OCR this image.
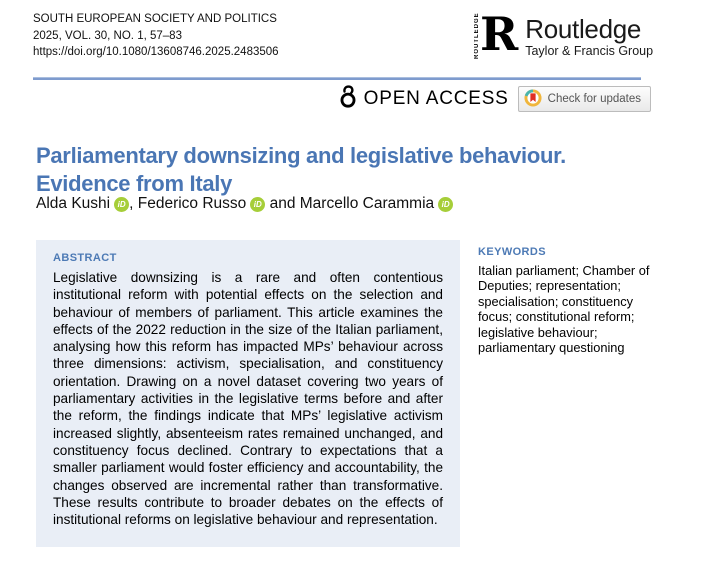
SOUTH EUROPEAN SOCIETY AND POLITICS
2025, VOL. 30, NO. 1, 57–83
https://doi.org/10.1080/13608746.2025.2483506	ROUTLEDGE R Routledge
Taylor & Francis Group
OPEN ACCESS	Check for updates
Parliamentary downsizing and legislative behaviour.
Evidence from Italy
Alda Kushi iD , Federico Russo iD and Marcello Carammia iD
ABSTRACT
Legislative downsizing is a rare and often contentious institutional reform with potential effects on the selection and behaviour of members of parliament. This article examines the effects of the 2022 reduction in the size of the Italian parliament, analysing how this reform has impacted MPs’ behaviour across three dimensions: activism, specialisation, and constituency orientation. Drawing on a novel dataset covering two years of parliamentary activities in the legislative terms before and after the reform, the findings indicate that MPs’ legislative activism increased slightly, absenteeism rates remained unchanged, and constituency focus declined. Contrary to expectations that a smaller parliament would foster efficiency and accountability, the changes observed are incremental rather than transformative. These results contribute to broader debates on the effects of institutional reforms on legislative behaviour and representation.
KEYWORDS
Italian parliament; Chamber of Deputies; representation; specialisation; constituency focus; constitutional reform; legislative behaviour; parliamentary questioning
